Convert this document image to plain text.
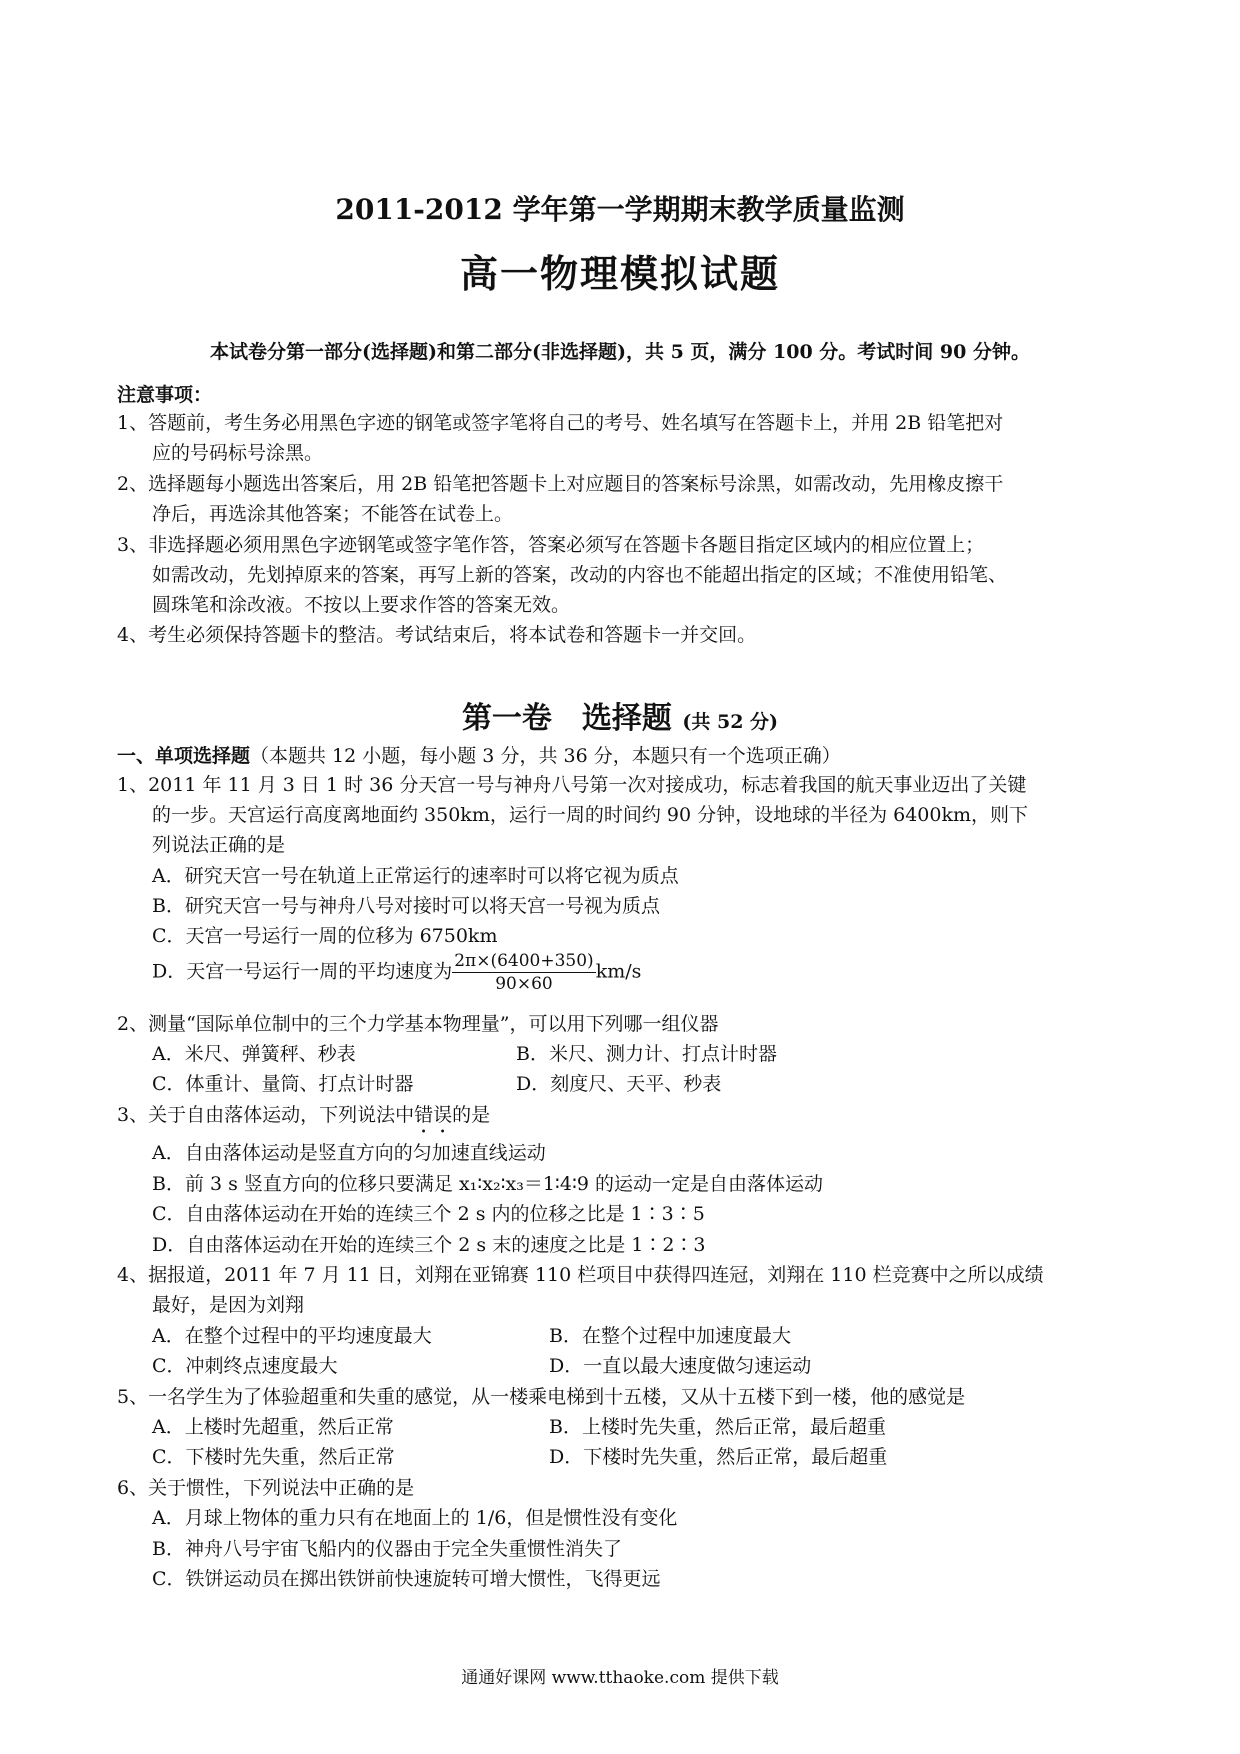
2011-2012 学年第一学期期末教学质量监测
高一物理模拟试题
本试卷分第一部分(选择题)和第二部分(非选择题)，共 5 页，满分 100 分。考试时间 90 分钟。
注意事项：
1、答题前，考生务必用黑色字迹的钢笔或签字笔将自己的考号、姓名填写在答题卡上，并用 2B 铅笔把对
应的号码标号涂黑。
2、选择题每小题选出答案后，用 2B 铅笔把答题卡上对应题目的答案标号涂黑，如需改动，先用橡皮擦干
净后，再选涂其他答案；不能答在试卷上。
3、非选择题必须用黑色字迹钢笔或签字笔作答，答案必须写在答题卡各题目指定区域内的相应位置上；
如需改动，先划掉原来的答案，再写上新的答案，改动的内容也不能超出指定的区域；不准使用铅笔、
圆珠笔和涂改液。不按以上要求作答的答案无效。
4、考生必须保持答题卡的整洁。考试结束后，将本试卷和答题卡一并交回。
第一卷　选择题 (共 52 分)
一、单项选择题（本题共 12 小题，每小题 3 分，共 36 分，本题只有一个选项正确）
1、2011 年 11 月 3 日 1 时 36 分天宫一号与神舟八号第一次对接成功，标志着我国的航天事业迈出了关键
的一步。天宫运行高度离地面约 350km，运行一周的时间约 90 分钟，设地球的半径为 6400km，则下
列说法正确的是
A．研究天宫一号在轨道上正常运行的速率时可以将它视为质点
B．研究天宫一号与神舟八号对接时可以将天宫一号视为质点
C．天宫一号运行一周的位移为 6750km
D．天宫一号运行一周的平均速度为 $\frac{2\pi\times(6400+350)}{90\times 60} km/s$
2、测量“国际单位制中的三个力学基本物理量”，可以用下列哪一组仪器
A．米尺、弹簧秤、秒表	B．米尺、测力计、打点计时器
C．体重计、量筒、打点计时器	D．刻度尺、天平、秒表
3、关于自由落体运动，下列说法中错误的是
A．自由落体运动是竖直方向的匀加速直线运动
B．前 3 s 竖直方向的位移只要满足 x₁∶x₂∶x₃＝1∶4∶9 的运动一定是自由落体运动
C．自由落体运动在开始的连续三个 2 s 内的位移之比是 1∶3∶5
D．自由落体运动在开始的连续三个 2 s 末的速度之比是 1∶2∶3
4、据报道，2011 年 7 月 11 日，刘翔在亚锦赛 110 栏项目中获得四连冠，刘翔在 110 栏竞赛中之所以成绩
最好，是因为刘翔
A．在整个过程中的平均速度最大	B．在整个过程中加速度最大
C．冲刺终点速度最大	D．一直以最大速度做匀速运动
5、一名学生为了体验超重和失重的感觉，从一楼乘电梯到十五楼，又从十五楼下到一楼，他的感觉是
A．上楼时先超重，然后正常	B．上楼时先失重，然后正常，最后超重
C．下楼时先失重，然后正常	D．下楼时先失重，然后正常，最后超重
6、关于惯性，下列说法中正确的是
A．月球上物体的重力只有在地面上的 1/6，但是惯性没有变化
B．神舟八号宇宙飞船内的仪器由于完全失重惯性消失了
C．铁饼运动员在掷出铁饼前快速旋转可增大惯性，飞得更远
通通好课网 www.tthaoke.com 提供下载
